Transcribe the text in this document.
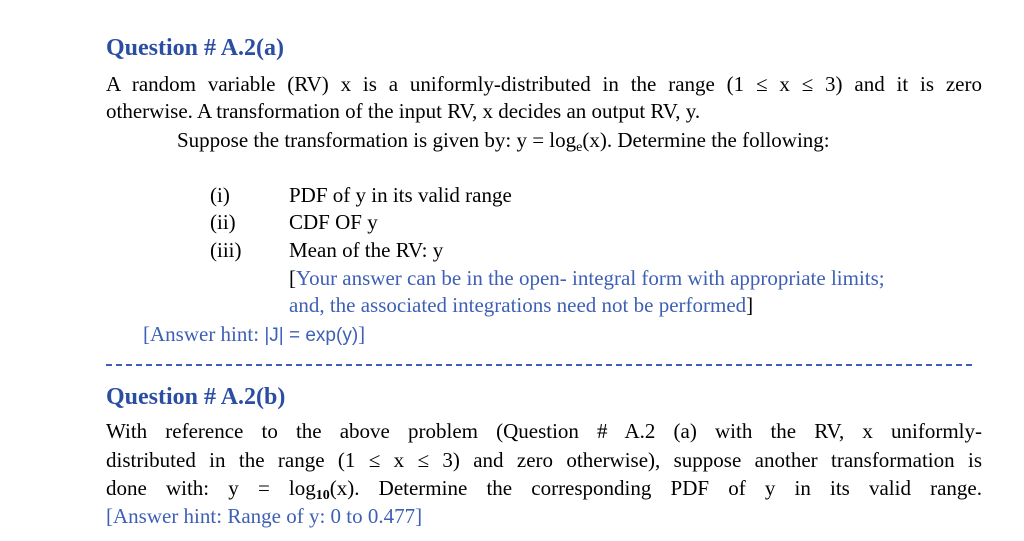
Question # A.2(a)
A random variable (RV) x is a uniformly-distributed in the range (1 ≤ x ≤ 3) and it is zero
otherwise. A transformation of the input RV, x decides an output RV, y.
Suppose the transformation is given by: $y = \log_e(x)$. Determine the following:
(i)	PDF of y in its valid range
(ii)	CDF OF y
(iii) Mean of the RV: y
[Your answer can be in the open- integral form with appropriate limits;
and, the associated integrations need not be performed]
[Answer hint: |J| = exp(y)]
Question # A.2(b)
With reference to the above problem (Question # A.2 (a) with the RV, x uniformly-
distributed in the range (1 ≤ x ≤ 3) and zero otherwise), suppose another transformation is
done with: y = log10(x). Determine the corresponding PDF of y in its valid range.
[Answer hint: Range of y: 0 to 0.477]
